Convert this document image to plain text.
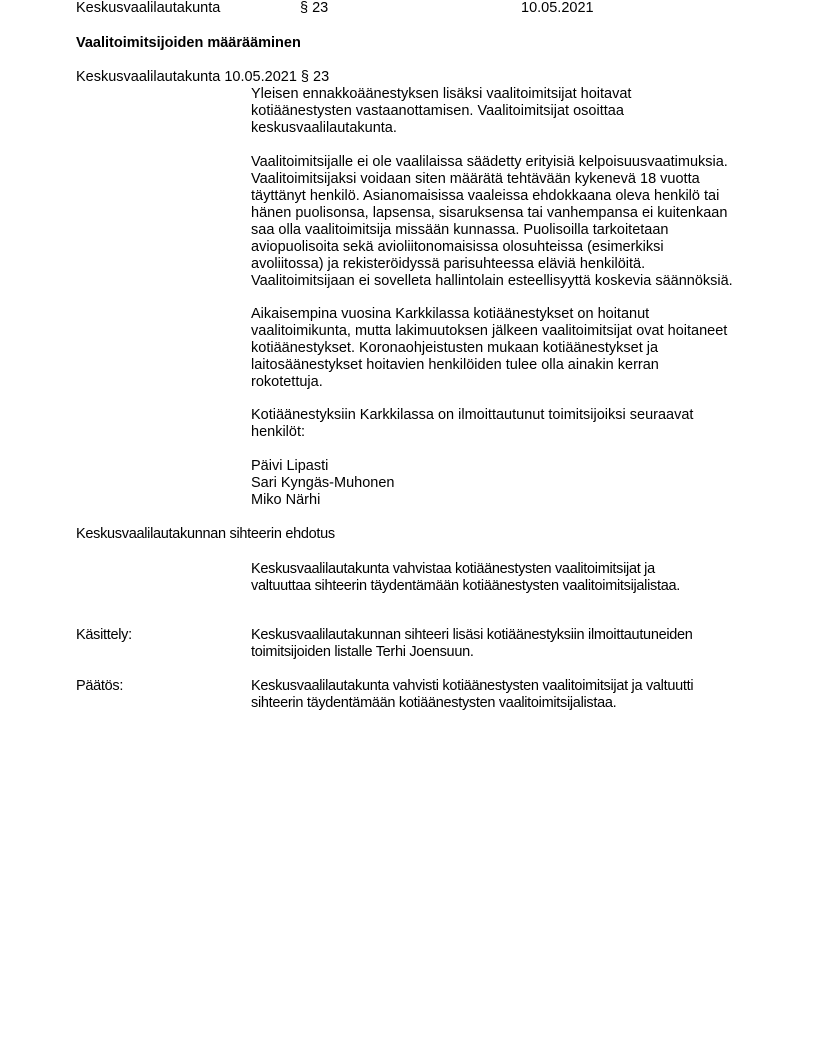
Keskusvaalilautakunta	§ 23	10.05.2021
Vaalitoimitsijoiden määrääminen
Keskusvaalilautakunta 10.05.2021 § 23
Yleisen ennakkoäänestyksen lisäksi vaalitoimitsijat hoitavat
kotiäänestysten vastaanottamisen. Vaalitoimitsijat osoittaa
keskusvaalilautakunta.
Vaalitoimitsijalle ei ole vaalilaissa säädetty erityisiä kelpoisuusvaatimuksia.
Vaalitoimitsijaksi voidaan siten määrätä tehtävään kykenevä 18 vuotta
täyttänyt henkilö. Asianomaisissa vaaleissa ehdokkaana oleva henkilö tai
hänen puolisonsa, lapsensa, sisaruksensa tai vanhempansa ei kuitenkaan
saa olla vaalitoimitsija missään kunnassa. Puolisoilla tarkoitetaan
aviopuolisoita sekä avioliitonomaisissa olosuhteissa (esimerkiksi
avoliitossa) ja rekisteröidyssä parisuhteessa eläviä henkilöitä.
Vaalitoimitsijaan ei sovelleta hallintolain esteellisyyttä koskevia säännöksiä.
Aikaisempina vuosina Karkkilassa kotiäänestykset on hoitanut
vaalitoimikunta, mutta lakimuutoksen jälkeen vaalitoimitsijat ovat hoitaneet
kotiäänestykset. Koronaohjeistusten mukaan kotiäänestykset ja
laitosäänestykset hoitavien henkilöiden tulee olla ainakin kerran
rokotettuja.
Kotiäänestyksiin Karkkilassa on ilmoittautunut toimitsijoiksi seuraavat
henkilöt:
Päivi Lipasti
Sari Kyngäs-Muhonen
Miko Närhi
Keskusvaalilautakunnan sihteerin ehdotus
Keskusvaalilautakunta vahvistaa kotiäänestysten vaalitoimitsijat ja
valtuuttaa sihteerin täydentämään kotiäänestysten vaalitoimitsijalistaa.
Käsittely:	Keskusvaalilautakunnan sihteeri lisäsi kotiäänestyksiin ilmoittautuneiden
toimitsijoiden listalle Terhi Joensuun.
Päätös:	Keskusvaalilautakunta vahvisti kotiäänestysten vaalitoimitsijat ja valtuutti
sihteerin täydentämään kotiäänestysten vaalitoimitsijalistaa.
